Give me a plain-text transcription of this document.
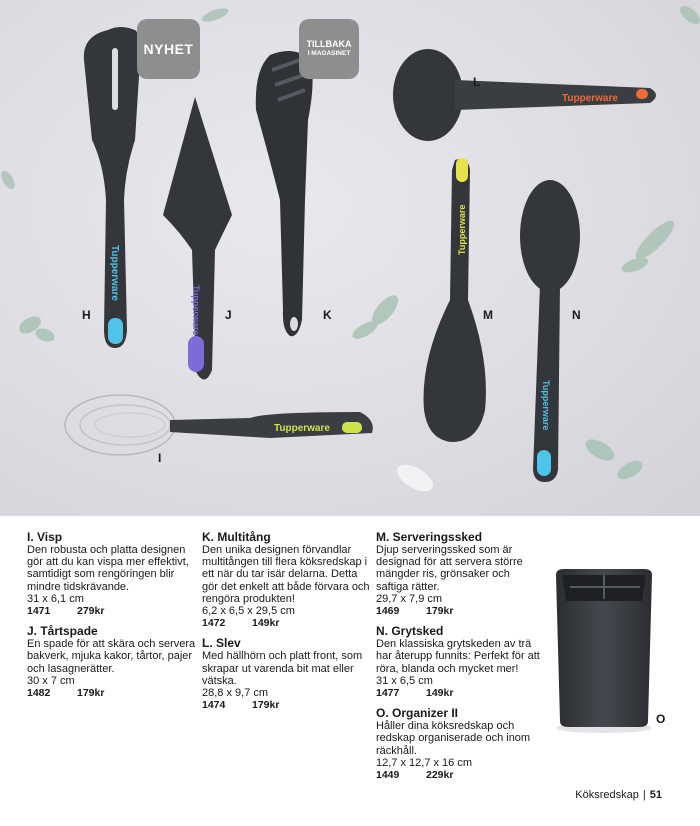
Tupperware
Tupperware
Tupperware
Tupperware
Tupperware
Tupperware
NYHET	TILLBAKA
I MAGASINET
H	J	K
L
M	N
I
I. Visp

Den robusta och platta designen gör att du kan vispa mer effektivt, samtidigt som rengöringen blir mindre tidskrävande.

31 x 6,1 cm

1471	279kr
J. Tårtspade

En spade för att skära och servera bakverk, mjuka kakor, tårtor, pajer och lasagnerätter.

30 x 7 cm

1482	179kr
K. Multitång

Den unika designen förvandlar multitången till flera köksredskap i ett när du tar isär delarna. Detta gör det enkelt att både förvara och rengöra produkten!

6,2 x 6,5 x 29,5 cm

1472	149kr
L. Slev

Med hällhörn och platt front, som skrapar ut varenda bit mat eller vätska.

28,8 x 9,7 cm

1474	179kr
M. Serveringssked

Djup serveringssked som är designad för att servera större mängder ris, grönsaker och saftiga rätter.

29,7 x 7,9 cm

1469	179kr
N. Grytsked

Den klassiska grytskeden av trä har återupp funnits: Perfekt för att röra, blanda och mycket mer!

31 x 6,5 cm

1477	149kr
O. Organizer II

Håller dina köksredskap och redskap organiserade och inom räckhåll.

12,7 x 12,7 x 16 cm

1449	229kr
O
Köksredskap | 51
